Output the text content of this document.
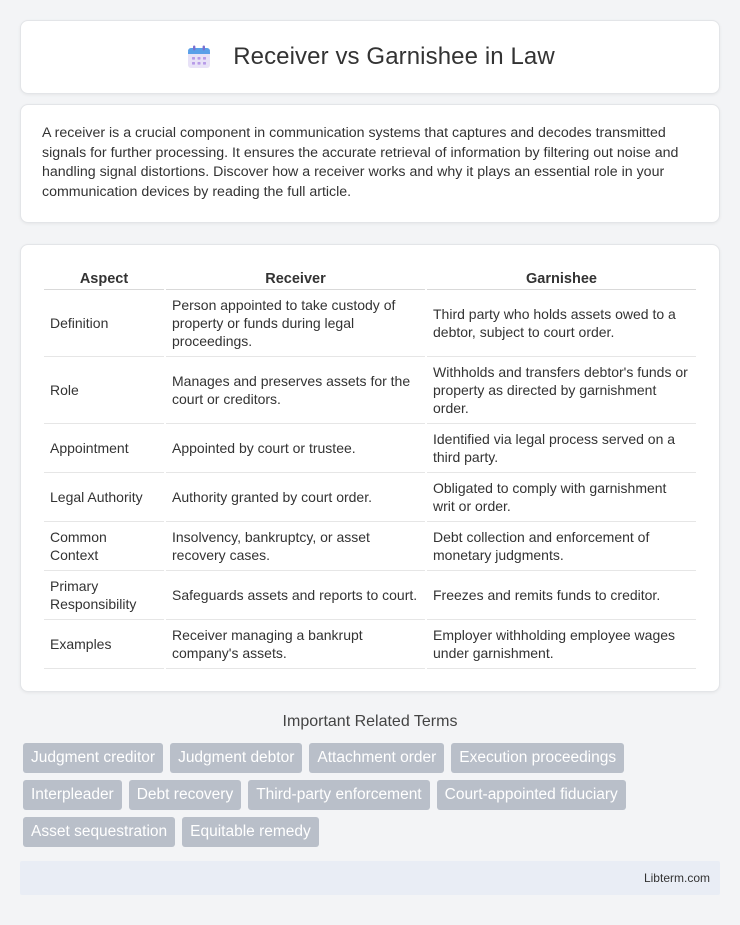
Receiver vs Garnishee in Law

A receiver is a crucial component in communication systems that captures and decodes transmitted signals for further processing. It ensures the accurate retrieval of information by filtering out noise and handling signal distortions. Discover how a receiver works and why it plays an essential role in your communication devices by reading the full article.

Aspect	Receiver	Garnishee
Definition	Person appointed to take custody of property or funds during legal proceedings.	Third party who holds assets owed to a debtor, subject to court order.
Role	Manages and preserves assets for the court or creditors.	Withholds and transfers debtor's funds or property as directed by garnishment order.
Appointment	Appointed by court or trustee.	Identified via legal process served on a third party.
Legal Authority	Authority granted by court order.	Obligated to comply with garnishment writ or order.
Common Context	Insolvency, bankruptcy, or asset recovery cases.	Debt collection and enforcement of monetary judgments.
Primary Responsibility	Safeguards assets and reports to court.	Freezes and remits funds to creditor.
Examples	Receiver managing a bankrupt company's assets.	Employer withholding employee wages under garnishment.
Important Related Terms
Judgment creditor	Judgment debtor	Attachment order	Execution proceedings
Interpleader	Debt recovery	Third-party enforcement	Court-appointed fiduciary
Asset sequestration	Equitable remedy
Libterm.com
